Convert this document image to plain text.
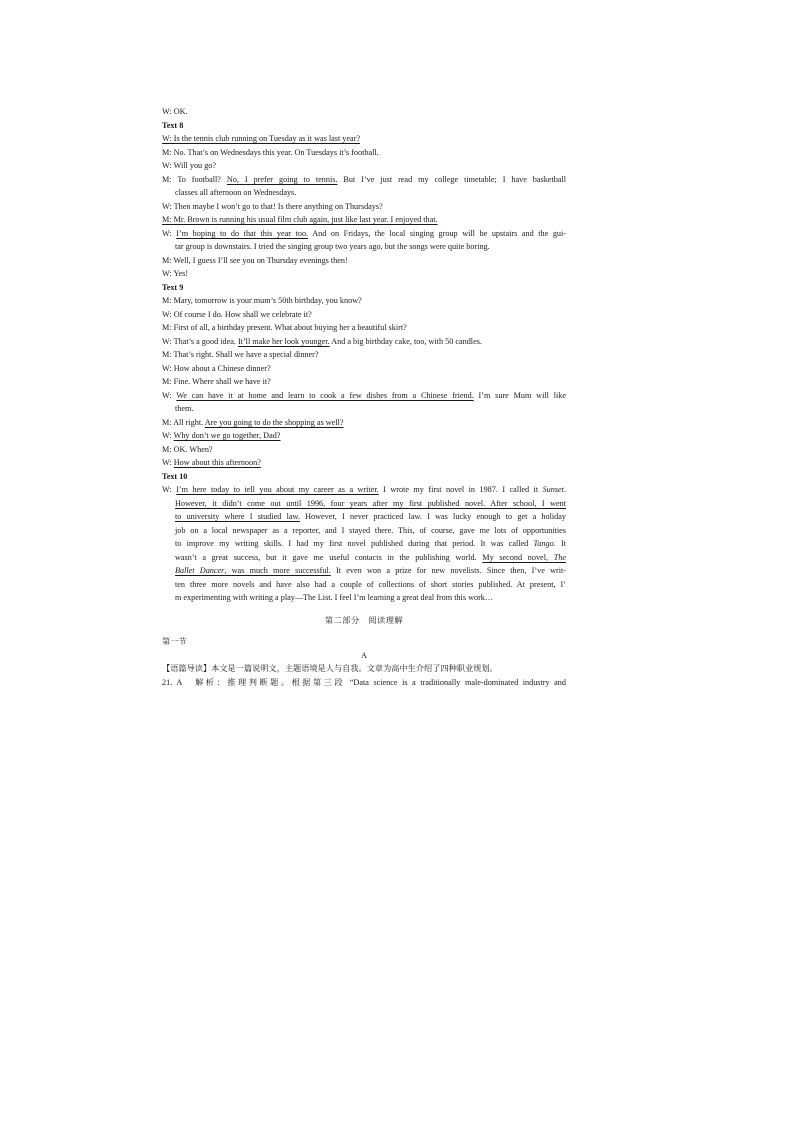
W: OK.
Text 8
W: Is the tennis club running on Tuesday as it was last year?
M: No. That’s on Wednesdays this year. On Tuesdays it’s football.
W: Will you go?
M: To football? No, I prefer going to tennis. But I’ve just read my college timetable; I have basketball
classes all afternoon on Wednesdays.
W: Then maybe I won’t go to that! Is there anything on Thursdays?
M: Mr. Brown is running his usual film club again, just like last year. I enjoyed that.
W: I’m hoping to do that this year too. And on Fridays, the local singing group will be upstairs and the gui-
tar group is downstairs. I tried the singing group two years ago, but the songs were quite boring.
M: Well, I guess I’ll see you on Thursday evenings then!
W: Yes!
Text 9
M: Mary, tomorrow is your mum’s 50th birthday, you know?
W: Of course I do. How shall we celebrate it?
M: First of all, a birthday present. What about buying her a beautiful skirt?
W: That’s a good idea. It’ll make her look younger. And a big birthday cake, too, with 50 candles.
M: That’s right. Shall we have a special dinner?
W: How about a Chinese dinner?
M: Fine. Where shall we have it?
W: We can have it at home and learn to cook a few dishes from a Chinese friend. I’m sure Mum will like
them.
M: All right. Are you going to do the shopping as well?
W: Why don’t we go together, Dad?
M: OK. When?
W: How about this afternoon?
Text 10
W: I’m here today to tell you about my career as a writer. I wrote my first novel in 1987. I called it Sunset.
However, it didn’t come out until 1996, four years after my first published novel. After school, I went
to university where I studied law. However, I never practiced law. I was lucky enough to get a holiday
job on a local newspaper as a reporter, and I stayed there. This, of course, gave me lots of opportunities
to improve my writing skills. I had my first novel published during that period. It was called Tango. It
wasn’t a great success, but it gave me useful contacts in the publishing world. My second novel, The
Ballet Dancer, was much more successful. It even won a prize for new novelists. Since then, I’ve writ-
ten three more novels and have also had a couple of collections of short stories published. At present, I’
m experimenting with writing a play—The List. I feel I’m learning a great deal from this work…
第二部分　阅读理解
第一节
A
【语篇导读】本文是一篇说明文，主题语境是人与自我。文章为高中生介绍了四种职业规划。
21. A　解析：推理判断题。根据第三段 “Data science is a traditionally male-dominated industry and
